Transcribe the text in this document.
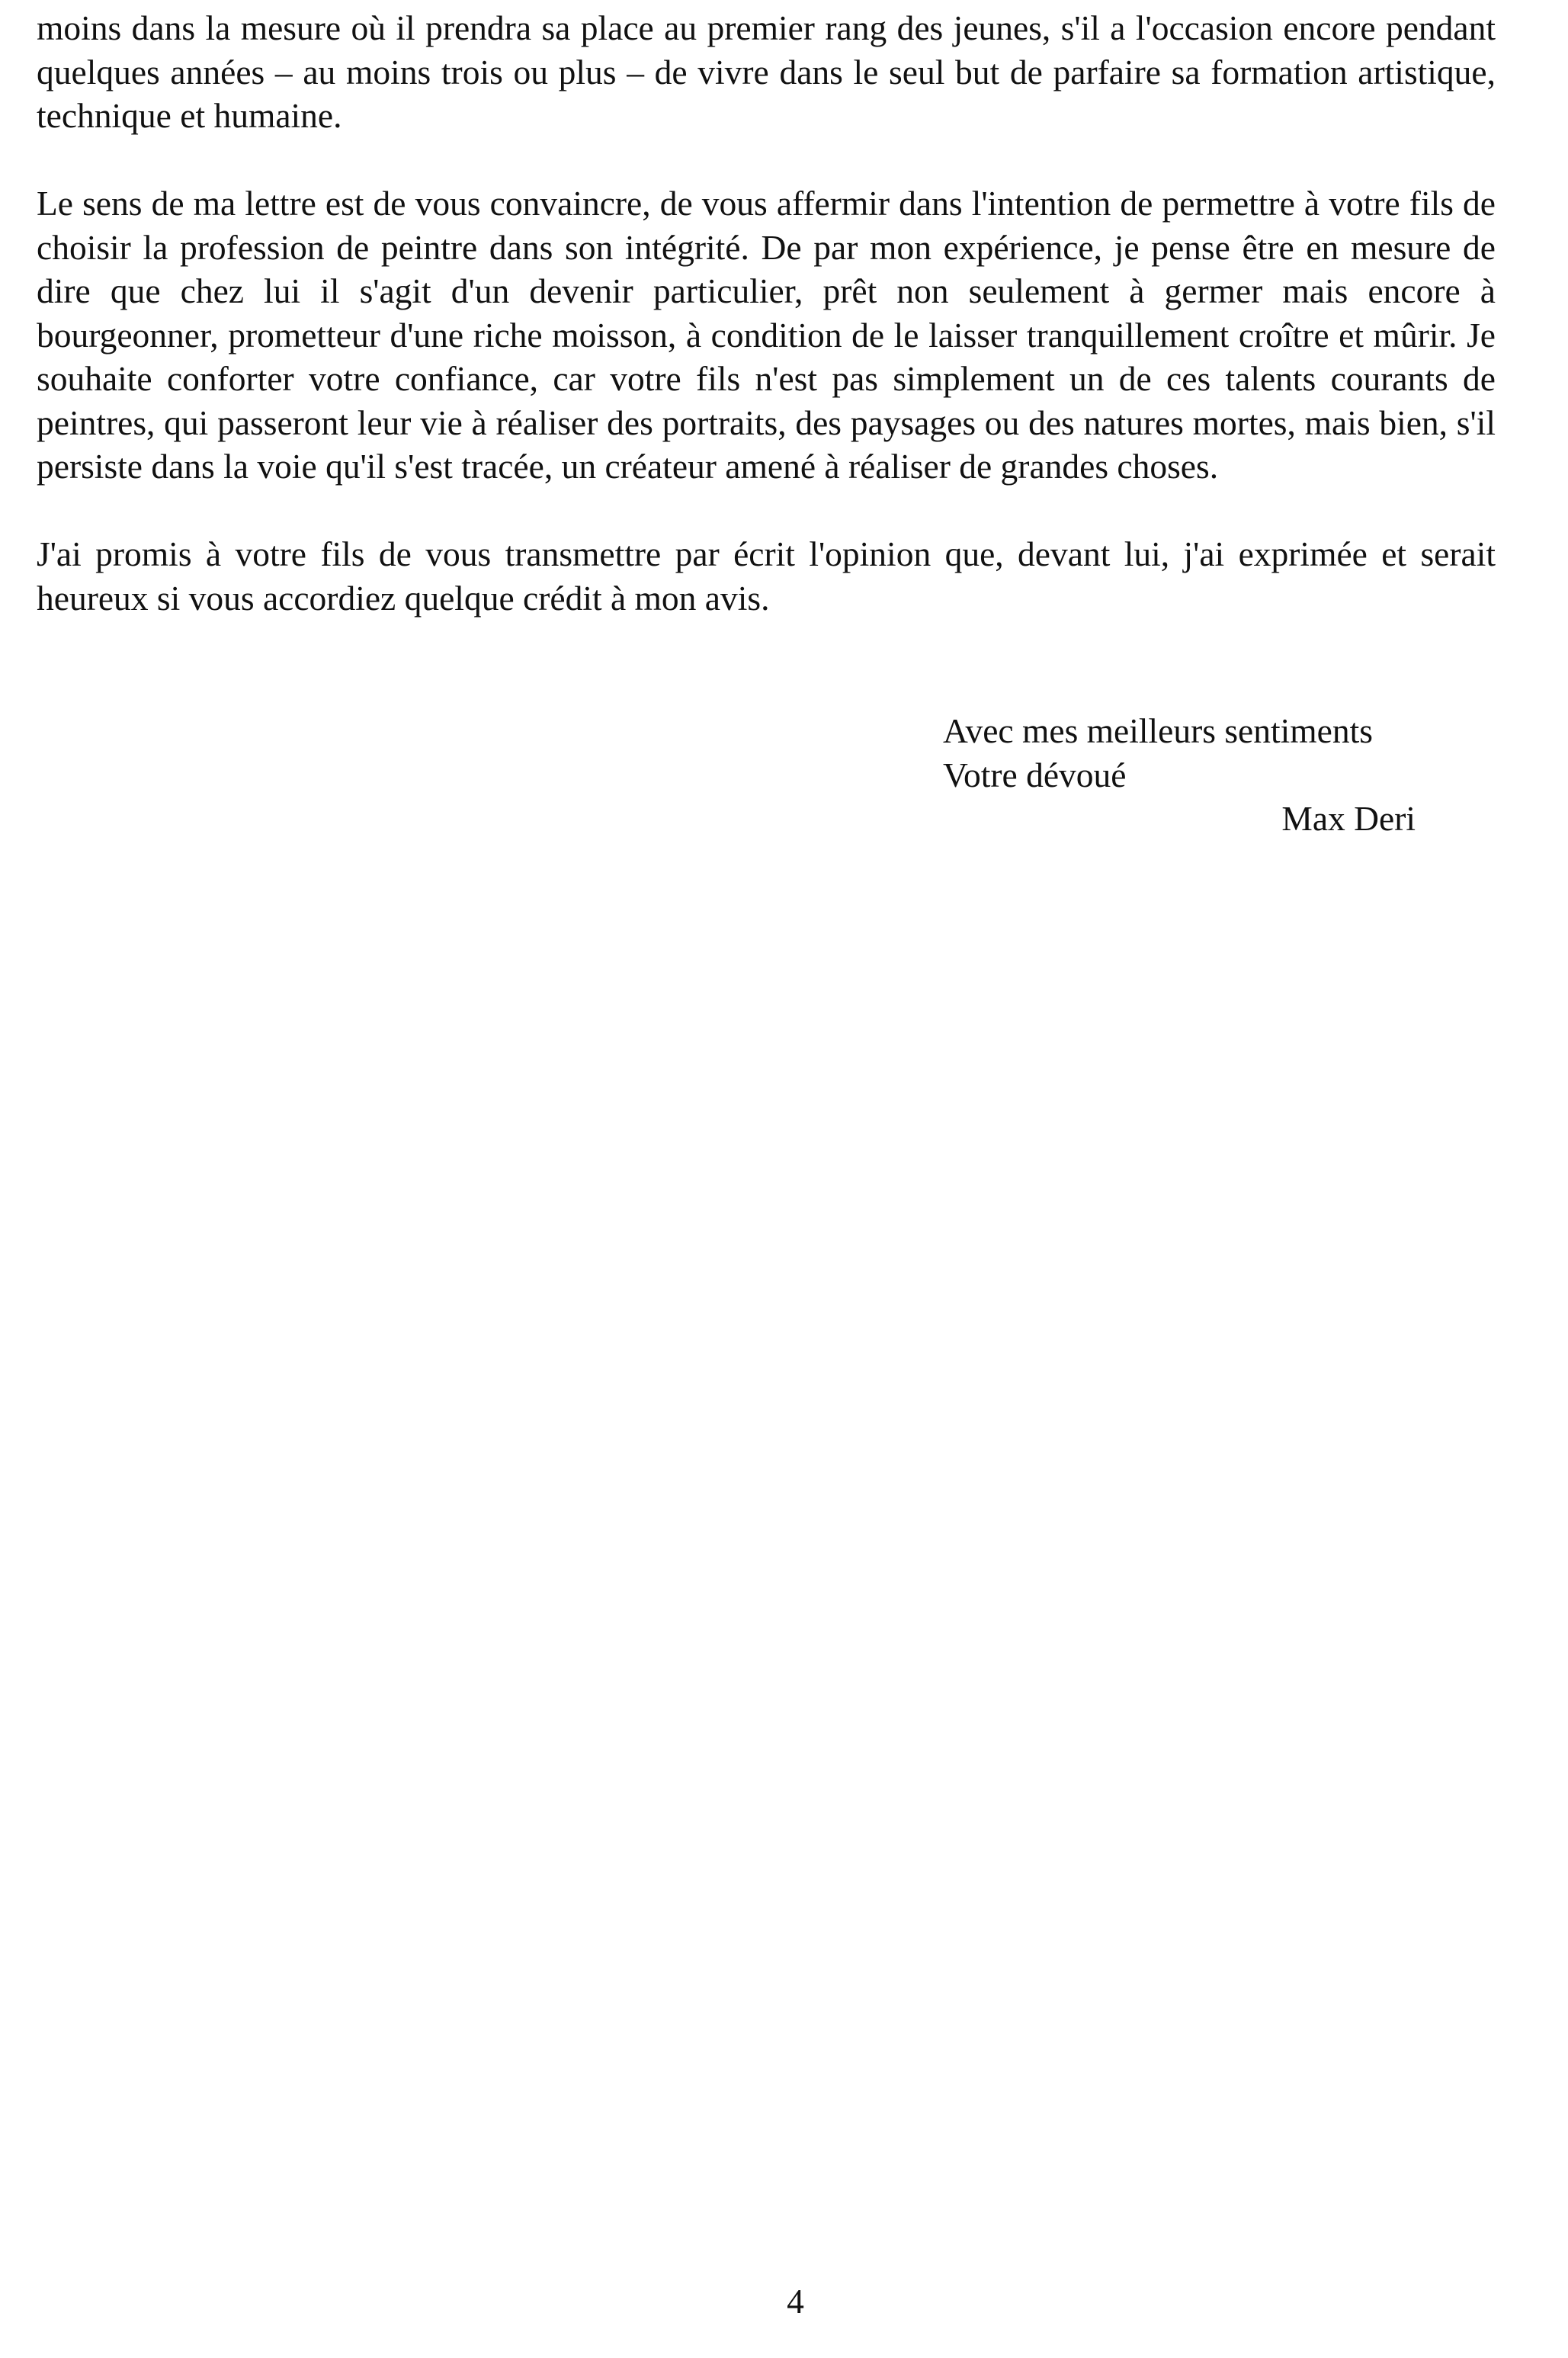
moins dans la mesure où il prendra sa place au premier rang des jeunes, s'il a l'occasion encore pendant quelques années – au moins trois ou plus – de vivre dans le seul but de parfaire sa formation artistique, technique et humaine.

Le sens de ma lettre est de vous convaincre, de vous affermir dans l'intention de permettre à votre fils de choisir la profession de peintre dans son intégrité. De par mon expérience, je pense être en mesure de dire que chez lui il s'agit d'un devenir particulier, prêt non seulement à germer mais encore à bourgeonner, prometteur d'une riche moisson, à condition de le laisser tranquillement croître et mûrir. Je souhaite conforter votre confiance, car votre fils n'est pas simplement un de ces talents courants de peintres, qui passeront leur vie à réaliser des portraits, des paysages ou des natures mortes, mais bien, s'il persiste dans la voie qu'il s'est tracée, un créateur amené à réaliser de grandes choses.

J'ai promis à votre fils de vous transmettre par écrit l'opinion que, devant lui, j'ai exprimée et serait heureux si vous accordiez quelque crédit à mon avis.

Avec mes meilleurs sentiments
Votre dévoué
Max Deri
4
